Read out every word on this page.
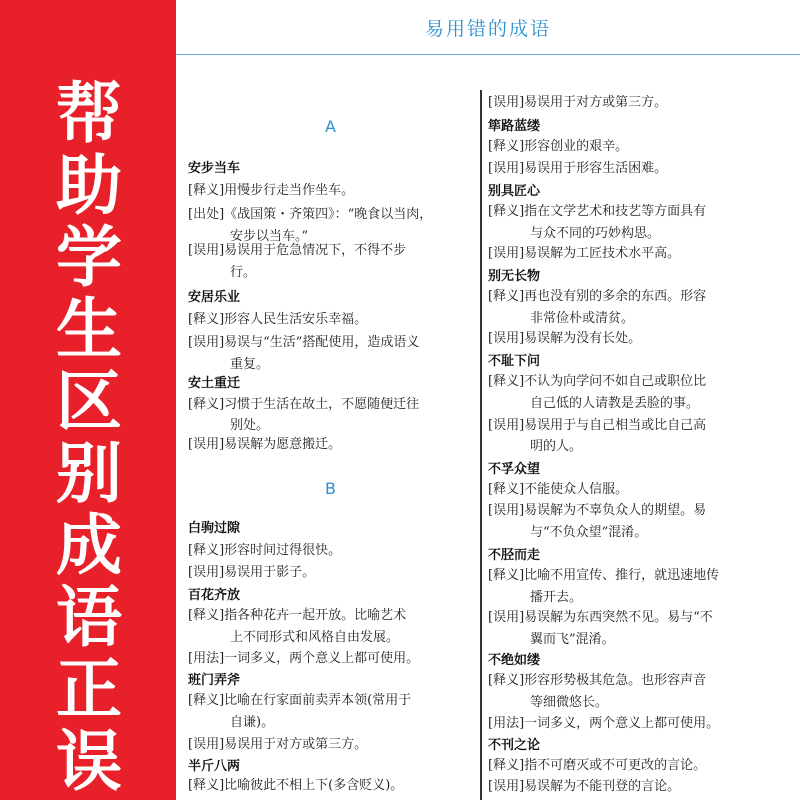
帮
助
学
生
区
别
成
语
正
误
易用错的成语
A
安步当车
[释义]用慢步行走当作坐车。
[出处]《战国策・齐策四》：“晚食以当肉，
安步以当车。”
[误用]易误用于危急情况下，不得不步
行。
安居乐业
[释义]形容人民生活安乐幸福。
[误用]易误与“生活”搭配使用，造成语义
重复。
安土重迁
[释义]习惯于生活在故土，不愿随便迁往
别处。
[误用]易误解为愿意搬迁。
B
白驹过隙
[释义]形容时间过得很快。
[误用]易误用于影子。
百花齐放
[释义]指各种花卉一起开放。比喻艺术
上不同形式和风格自由发展。
[用法]一词多义，两个意义上都可使用。
班门弄斧
[释义]比喻在行家面前卖弄本领(常用于
自谦)。
[误用]易误用于对方或第三方。
半斤八两
[释义]比喻彼此不相上下(多含贬义)。
[误用]易误用于对方或第三方。
筚路蓝缕
[释义]形容创业的艰辛。
[误用]易误用于形容生活困难。
别具匠心
[释义]指在文学艺术和技艺等方面具有
与众不同的巧妙构思。
[误用]易误解为工匠技术水平高。
别无长物
[释义]再也没有别的多余的东西。形容
非常俭朴或清贫。
[误用]易误解为没有长处。
不耻下问
[释义]不认为向学问不如自己或职位比
自己低的人请教是丢脸的事。
[误用]易误用于与自己相当或比自己高
明的人。
不孚众望
[释义]不能使众人信服。
[误用]易误解为不辜负众人的期望。易
与“不负众望”混淆。
不胫而走
[释义]比喻不用宣传、推行，就迅速地传
播开去。
[误用]易误解为东西突然不见。易与“不
翼而飞”混淆。
不绝如缕
[释义]形容形势极其危急。也形容声音
等细微悠长。
[用法]一词多义，两个意义上都可使用。
不刊之论
[释义]指不可磨灭或不可更改的言论。
[误用]易误解为不能刊登的言论。
